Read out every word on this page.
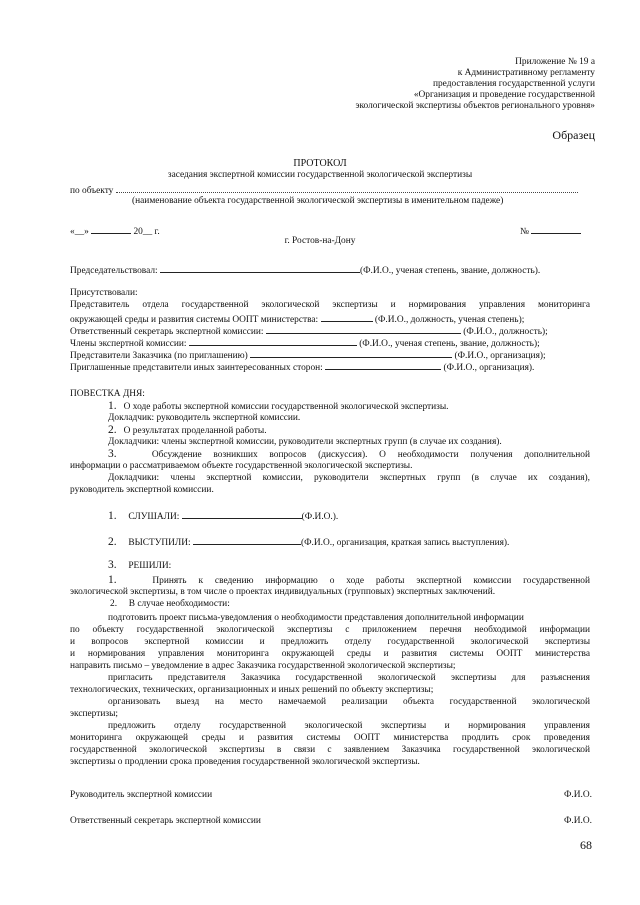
Приложение № 19 а
к Административному регламенту
предоставления государственной услуги
«Организация и проведение государственной
экологической экспертизы объектов регионального уровня»
Образец
ПРОТОКОЛ
заседания экспертной комиссии государственной экологической экспертизы
по объекту
(наименование объекта государственной экологической экспертизы в именительном падеже)
«__»	20__ г.	№
г. Ростов-на-Дону
Председательствовал:	(Ф.И.О., ученая степень, звание, должность).
Присутствовали:
Представитель отдела государственной экологической экспертизы и нормирования управления мониторинга
окружающей среды и развития системы ООПТ министерства:	(Ф.И.О., должность, ученая степень);
Ответственный секретарь экспертной комиссии:	(Ф.И.О., должность);
Члены экспертной комиссии:	(Ф.И.О., ученая степень, звание, должность);
Представители Заказчика (по приглашению)	(Ф.И.О., организация);
Приглашенные представители иных заинтересованных сторон:	(Ф.И.О., организация).
ПОВЕСТКА ДНЯ:
1. О ходе работы экспертной комиссии государственной экологической экспертизы.
Докладчик: руководитель экспертной комиссии.
2. О результатах проделанной работы.
Докладчики: члены экспертной комиссии, руководители экспертных групп (в случае их создания).
3.	Обсуждение возникших вопросов (дискуссия). О необходимости получения дополнительной
информации о рассматриваемом объекте государственной экологической экспертизы.
Докладчики: члены экспертной комиссии, руководители экспертных групп (в случае их создания),
руководитель экспертной комиссии.
1. СЛУШАЛИ:	(Ф.И.О.).
2. ВЫСТУПИЛИ:	(Ф.И.О., организация, краткая запись выступления).
3. РЕШИЛИ:
1.	Принять к сведению информацию о ходе работы экспертной комиссии государственной
экологической экспертизы, в том числе о проектах индивидуальных (групповых) экспертных заключений.
2. В случае необходимости:
подготовить проект письма-уведомления о необходимости представления дополнительной информации
по объекту государственной экологической экспертизы с приложением перечня необходимой информации
и вопросов экспертной комиссии и предложить отделу государственной экологической экспертизы
и нормирования управления мониторинга окружающей среды и развития системы ООПТ министерства
направить письмо – уведомление в адрес Заказчика государственной экологической экспертизы;
пригласить представителя Заказчика государственной экологической экспертизы для разъяснения
технологических, технических, организационных и иных решений по объекту экспертизы;
организовать выезд на место намечаемой реализации объекта государственной экологической
экспертизы;
предложить отделу государственной экологической экспертизы и нормирования управления
мониторинга окружающей среды и развития системы ООПТ министерства продлить срок проведения
государственной экологической экспертизы в связи с заявлением Заказчика государственной экологической
экспертизы о продлении срока проведения государственной экологической экспертизы.
Руководитель экспертной комиссии	Ф.И.О.
Ответственный секретарь экспертной комиссии	Ф.И.О.
68
